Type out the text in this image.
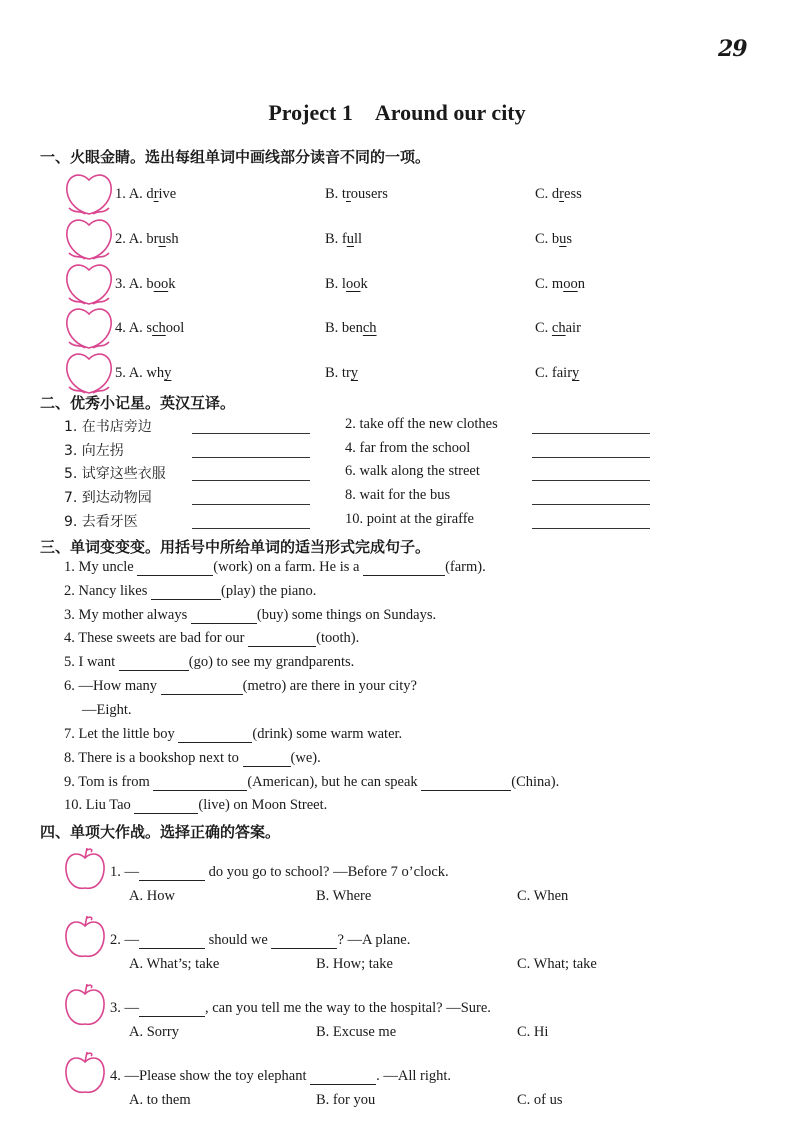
29
Project 1 Around our city
一、火眼金睛。选出每组单词中画线部分读音不同的一项。
1. A. drive	B. trousers	C. dress
2. A. brush	B. full	C. bus
3. A. book	B. look	C. moon
4. A. school	B. bench	C. chair
5. A. why	B. try	C. fairy
二、优秀小记星。英汉互译。
1. 在书店旁边
3. 向左拐
5. 试穿这些衣服
7. 到达动物园
9. 去看牙医
2. take off the new clothes
4. far from the school
6. walk along the street
8. wait for the bus
10. point at the giraffe
三、单词变变变。用括号中所给单词的适当形式完成句子。
1. My uncle	(work) on a farm. He is a	(farm).
2. Nancy likes	(play) the piano.
3. My mother always	(buy) some things on Sundays.
4. These sweets are bad for our	(tooth).
5. I want	(go) to see my grandparents.
6. —How many	(metro) are there in your city?
—Eight.
7. Let the little boy	(drink) some warm water.
8. There is a bookshop next to	(we).
9. Tom is from	(American), but he can speak	(China).
10. Liu Tao	(live) on Moon Street.
四、单项大作战。选择正确的答案。
1. —	do you go to school? —Before 7 o’clock.
A. How	B. Where	C. When
2. —	should we	? —A plane.
A. What’s; take	B. How; take	C. What; take
3. —	, can you tell me the way to the hospital? —Sure.
A. Sorry	B. Excuse me	C. Hi
4. —Please show the toy elephant	. —All right.
A. to them	B. for you	C. of us
